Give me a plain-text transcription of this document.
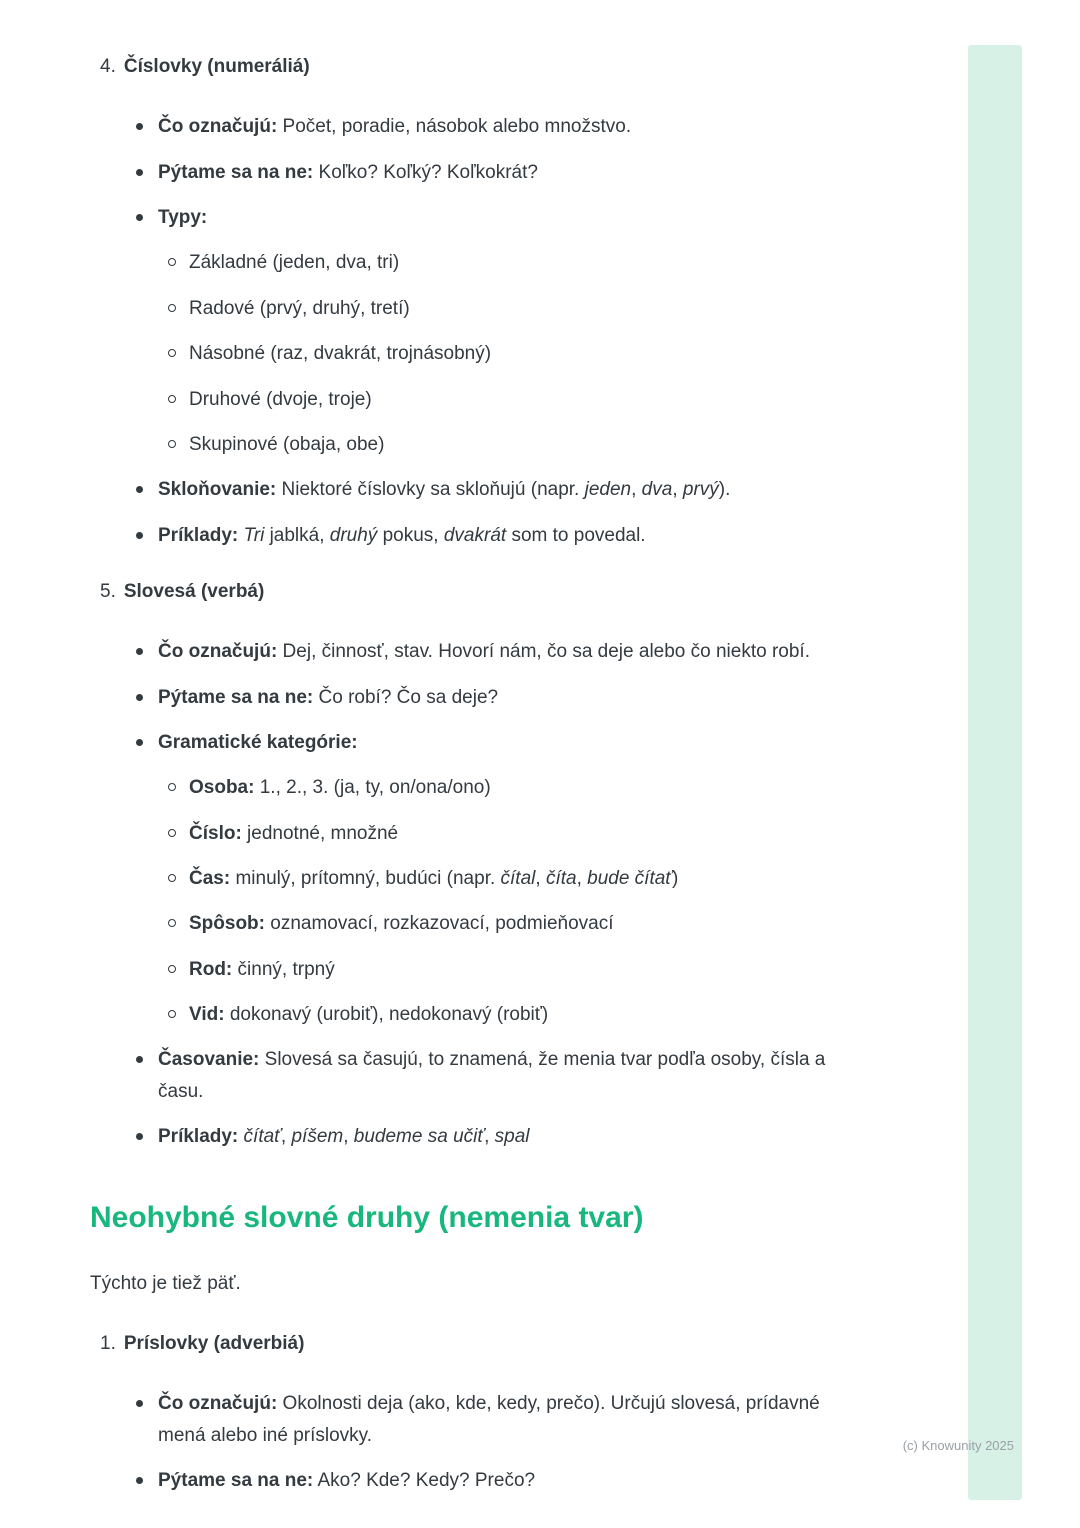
4. Číslovky (numeráliá)
Čo označujú: Počet, poradie, násobok alebo množstvo.
Pýtame sa na ne: Koľko? Koľký? Koľkokrát?
Typy:
Základné (jeden, dva, tri)
Radové (prvý, druhý, tretí)
Násobné (raz, dvakrát, trojnásobný)
Druhové (dvoje, troje)
Skupinové (obaja, obe)
Skloňovanie: Niektoré číslovky sa skloňujú (napr. jeden, dva, prvý).
Príklady: Tri jablká, druhý pokus, dvakrát som to povedal.
5. Slovesá (verbá)
Čo označujú: Dej, činnosť, stav. Hovorí nám, čo sa deje alebo čo niekto robí.
Pýtame sa na ne: Čo robí? Čo sa deje?
Gramatické kategórie:
Osoba: 1., 2., 3. (ja, ty, on/ona/ono)
Číslo: jednotné, množné
Čas: minulý, prítomný, budúci (napr. čítal, číta, bude čítať)
Spôsob: oznamovací, rozkazovací, podmieňovací
Rod: činný, trpný
Vid: dokonavý (urobiť), nedokonavý (robiť)
Časovanie: Slovesá sa časujú, to znamená, že menia tvar podľa osoby, čísla a času.
Príklady: čítať, píšem, budeme sa učiť, spal
Neohybné slovné druhy (nemenia tvar)

Týchto je tiež päť.

1. Príslovky (adverbiá)
Čo označujú: Okolnosti deja (ako, kde, kedy, prečo). Určujú slovesá, prídavné mená alebo iné príslovky.
Pýtame sa na ne: Ako? Kde? Kedy? Prečo?
(c) Knowunity 2025
